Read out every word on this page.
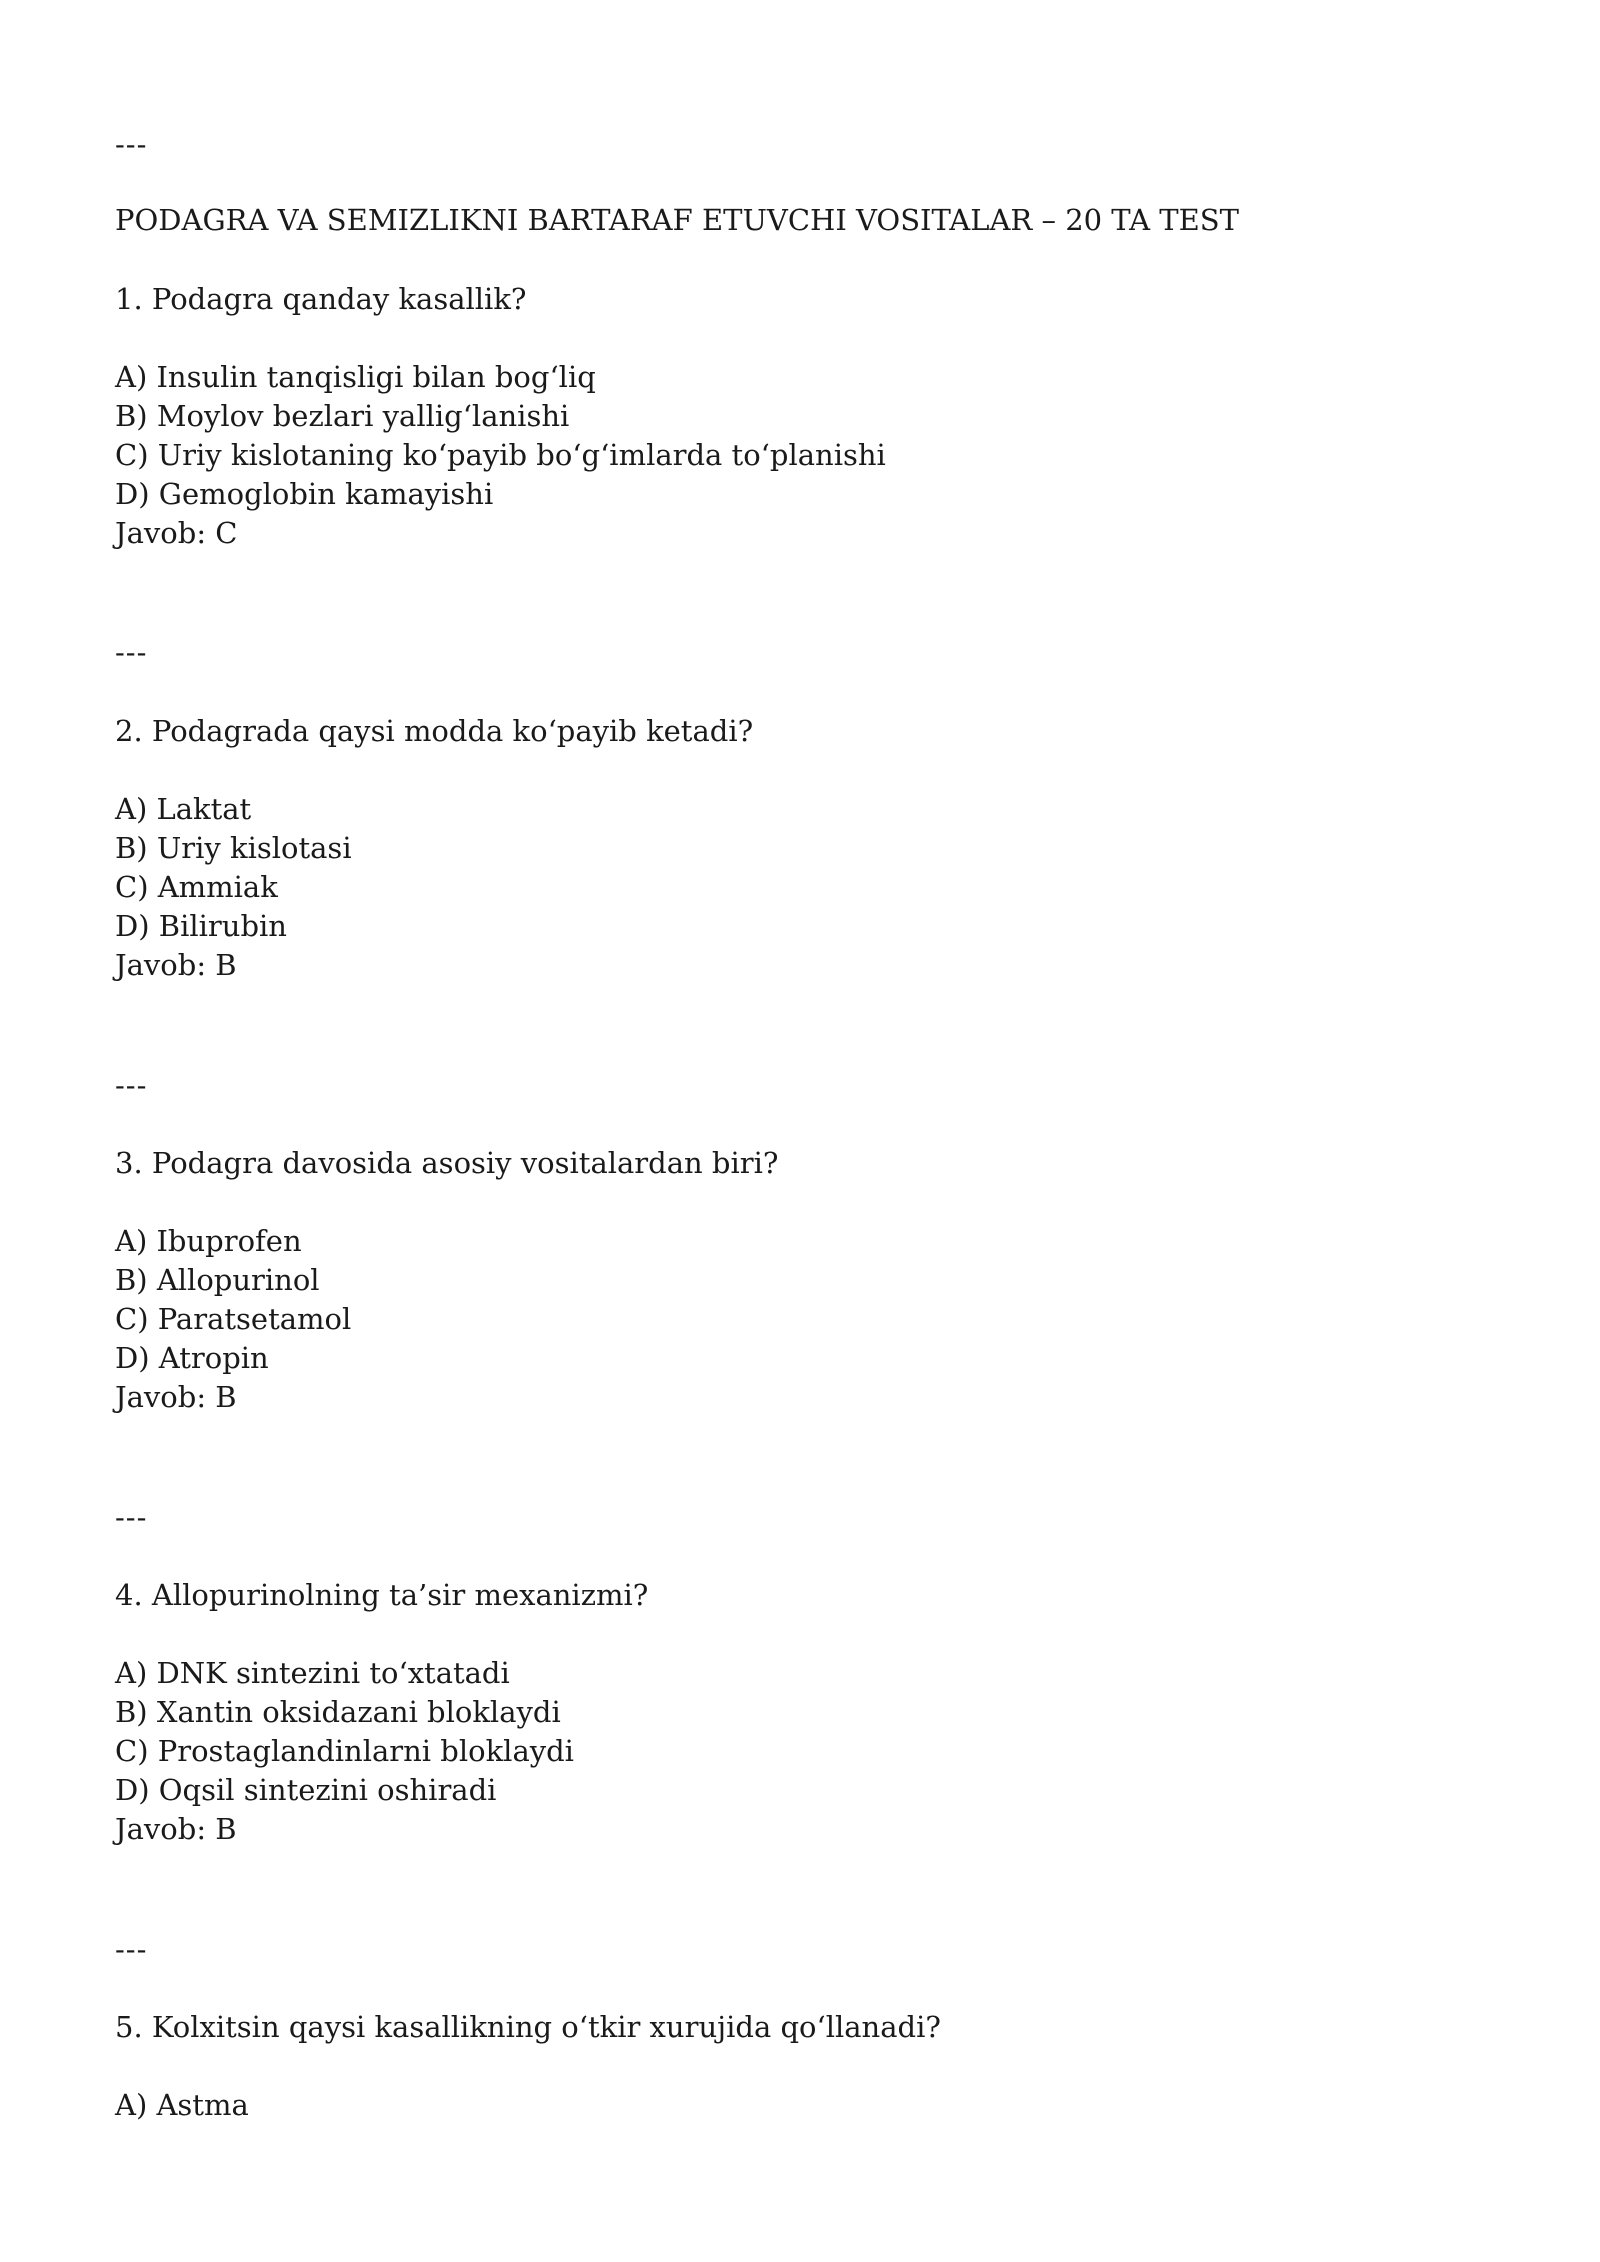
---
PODAGRA VA SEMIZLIKNI BARTARAF ETUVCHI VOSITALAR – 20 TA TEST
1. Podagra qanday kasallik?
A) Insulin tanqisligi bilan bog‘liq
B) Moylov bezlari yallig‘lanishi
C) Uriy kislotaning ko‘payib bo‘g‘imlarda to‘planishi
D) Gemoglobin kamayishi
Javob: C
---
2. Podagrada qaysi modda ko‘payib ketadi?
A) Laktat
B) Uriy kislotasi
C) Ammiak
D) Bilirubin
Javob: B
---
3. Podagra davosida asosiy vositalardan biri?
A) Ibuprofen
B) Allopurinol
C) Paratsetamol
D) Atropin
Javob: B
---
4. Allopurinolning ta’sir mexanizmi?
A) DNK sintezini to‘xtatadi
B) Xantin oksidazani bloklaydi
C) Prostaglandinlarni bloklaydi
D) Oqsil sintezini oshiradi
Javob: B
---
5. Kolxitsin qaysi kasallikning o‘tkir xurujida qo‘llanadi?
A) Astma
